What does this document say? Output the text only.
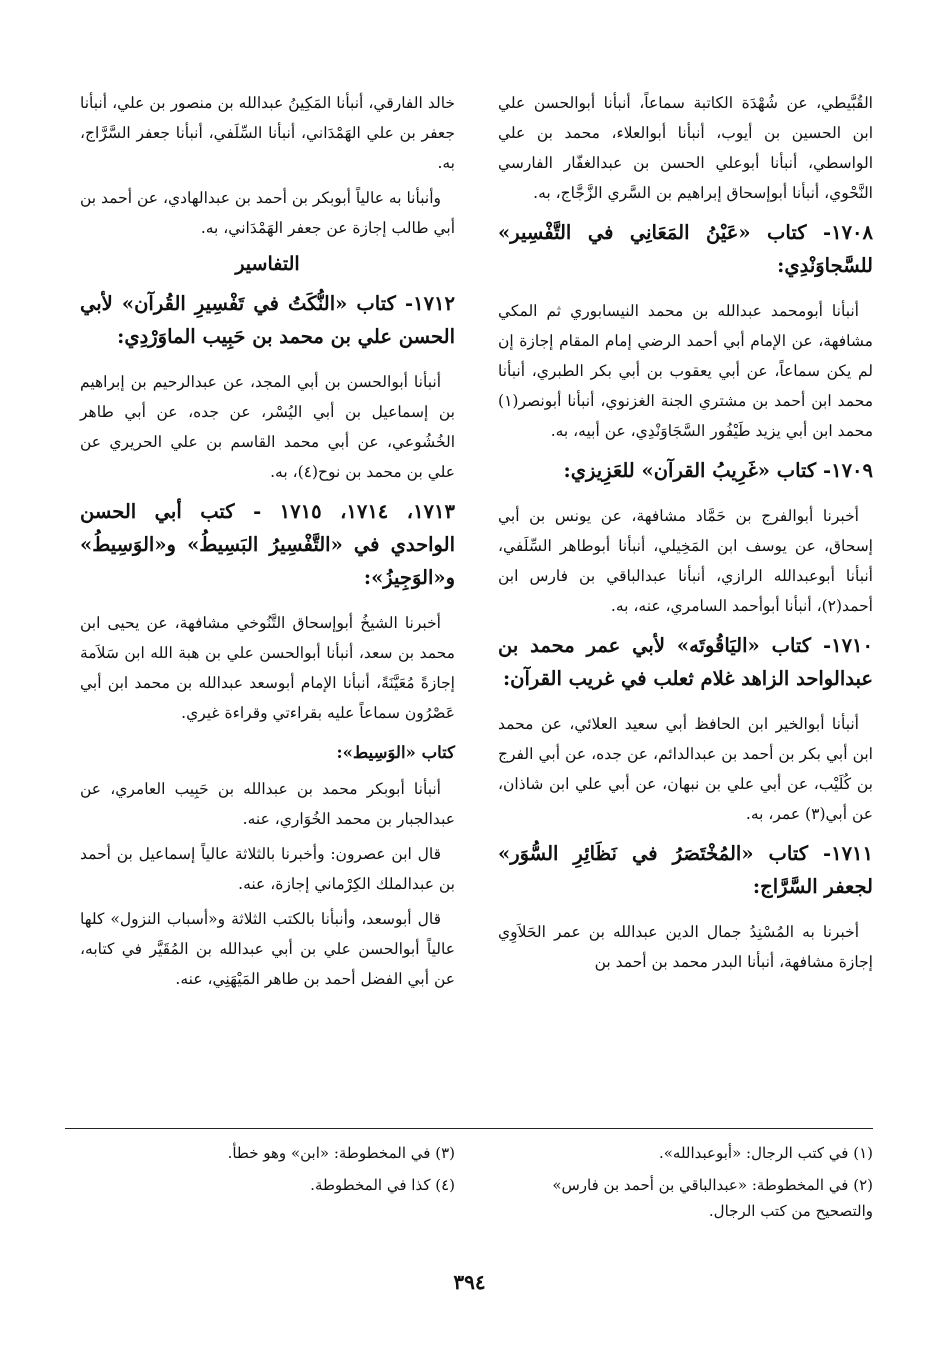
القُبَّيطي، عن شُهْدَة الكاتبة سماعاً، أنبأنا أبوالحسن علي ابن الحسين بن أيوب، أنبأنا أبوالعلاء، محمد بن علي الواسطي، أنبأنا أبوعلي الحسن بن عبدالغفّار الفارسي النَّحْوي، أنبأنا أبوإسحاق إبراهيم بن السَّري الزَّجَّاج، به.

١٧٠٨- كتاب «عَيْنُ المَعَانِي في التَّفْسِير» للسَّجاوَنْدِي:

أنبأنا أبومحمد عبدالله بن محمد النيسابوري ثم المكي مشافهة، عن الإمام أبي أحمد الرضي إمام المقام إجازة إن لم يكن سماعاً، عن أبي يعقوب بن أبي بكر الطبري، أنبأنا محمد ابن أحمد بن مشتري الجنة الغزنوي، أنبأنا أبونصر(١) محمد ابن أبي يزيد طَيْفُور السَّجَاوَنْدِي، عن أبيه، به.

١٧٠٩- كتاب «غَرِيبُ القرآن» للعَزِيزي:

أخبرنا أبوالفرج بن حَمَّاد مشافهة، عن يونس بن أبي إسحاق، عن يوسف ابن المَخِيلي، أنبأنا أبوطاهر السِّلَفي، أنبأنا أبوعبدالله الرازي، أنبأنا عبدالباقي بن فارس ابن أحمد(٢)، أنبأنا أبوأحمد السامري، عنه، به.

١٧١٠- كتاب «اليَاقُوتَه» لأبي عمر محمد بن عبدالواحد الزاهد غلام ثعلب في غريب القرآن:

أنبأنا أبوالخير ابن الحافظ أبي سعيد العلائي، عن محمد ابن أبي بكر بن أحمد بن عبدالدائم، عن جده، عن أبي الفرج بن كُلَيْب، عن أبي علي بن نبهان، عن أبي علي ابن شاذان، عن أبي(٣) عمر، به.

١٧١١- كتاب «المُخْتَصَرُ في نَظَائِرِ السُّوَر» لجعفر السَّرَّاج:

أخبرنا به المُسْنِدُ جمال الدين عبدالله بن عمر الحَلاَوِي إجازة مشافهة، أنبأنا البدر محمد بن أحمد بن

خالد الفارقي، أنبأنا المَكِينُ عبدالله بن منصور بن علي، أنبأنا جعفر بن علي الهَمْدَاني، أنبأنا السِّلَفي، أنبأنا جعفر السَّرَّاج، به.

وأنبأنا به عالياً أبوبكر بن أحمد بن عبدالهادي، عن أحمد بن أبي طالب إجازة عن جعفر الهَمْدَاني، به.

التفاسير
١٧١٢- كتاب «النُّكَتُ في تَفْسِيرِ القُرآن» لأبي الحسن علي بن محمد بن حَبِيب الماوَرْدِي:

أنبأنا أبوالحسن بن أبي المجد، عن عبدالرحيم بن إبراهيم بن إسماعيل بن أبي اليُسْر، عن جده، عن أبي طاهر الخُشُوعي، عن أبي محمد القاسم بن علي الحريري عن علي بن محمد بن نوح(٤)، به.

١٧١٣، ١٧١٤، ١٧١٥ - كتب أبي الحسن الواحدي في «التَّفْسِيرُ البَسِيطُ» و«الوَسِيطُ» و«الوَجِيزُ»:

أخبرنا الشيخُ أبوإسحاق التَّنُوخي مشافهة، عن يحيى ابن محمد بن سعد، أنبأنا أبوالحسن علي بن هبة الله ابن سَلاَمة إجازةً مُعَيَّنَةً، أنبأنا الإمام أبوسعد عبدالله بن محمد ابن أبي عَصْرُون سماعاً عليه بقراءتي وقراءة غيري.

كتاب «الوَسِيط»:

أنبأنا أبوبكر محمد بن عبدالله بن حَبِيب العامري، عن عبدالجبار بن محمد الخُوَاري، عنه.

قال ابن عصرون: وأخبرنا بالثلاثة عالياً إسماعيل بن أحمد بن عبدالملك الكِرْماني إجازة، عنه.

قال أبوسعد، وأنبأنا بالكتب الثلاثة و«أسباب النزول» كلها عالياً أبوالحسن علي بن أبي عبدالله بن المُقَيَّر في كتابه، عن أبي الفضل أحمد بن طاهر المَيْهَنِي، عنه.

(١) في كتب الرجال: «أبوعبدالله».
(٢) في المخطوطة: «عبدالباقي بن أحمد بن فارس» والتصحيح من كتب الرجال.
(٣) في المخطوطة: «ابن» وهو خطأ.
(٤) كذا في المخطوطة.
٣٩٤
